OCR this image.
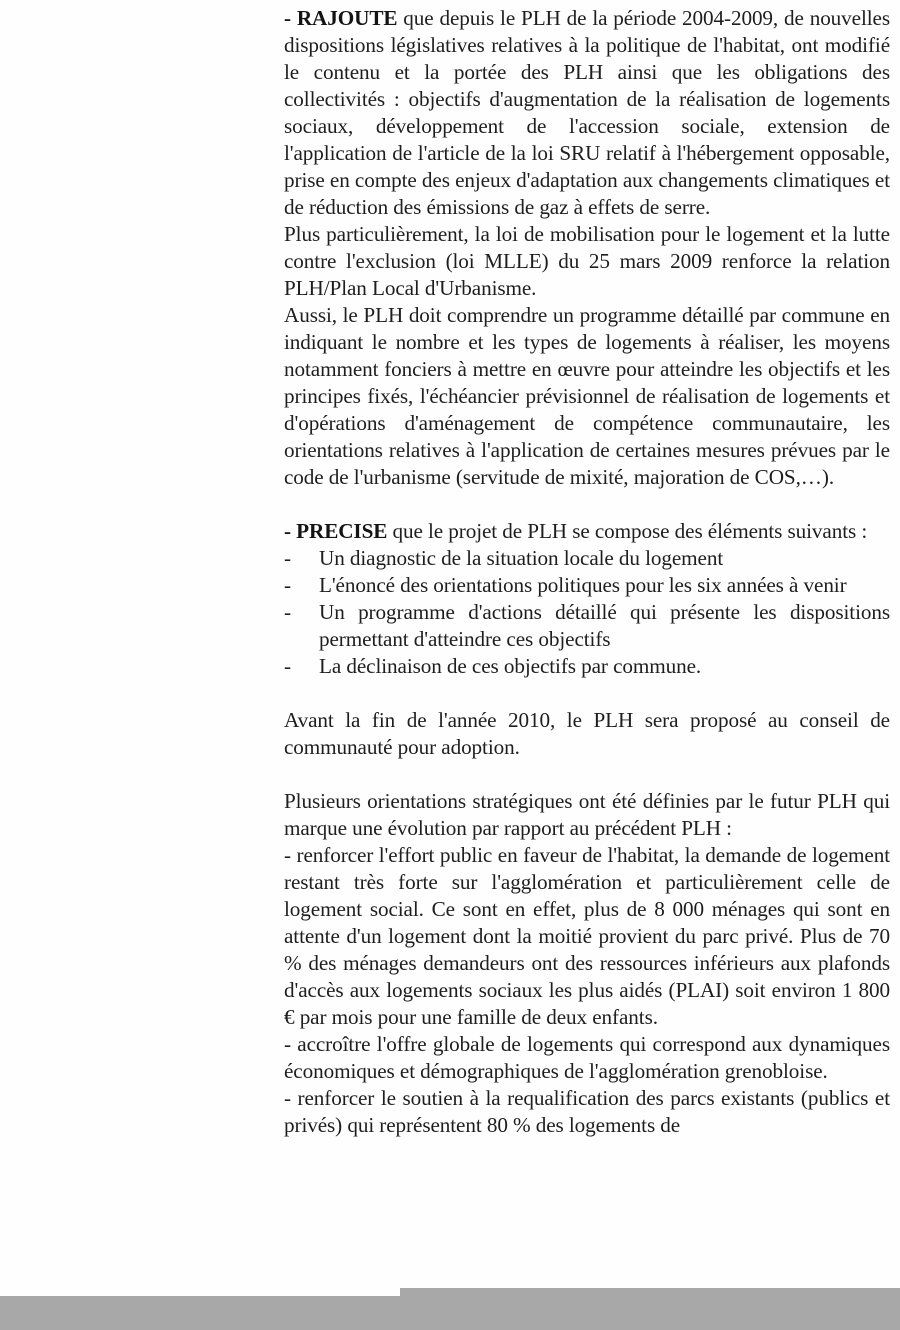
- RAJOUTE que depuis le PLH de la période 2004-2009, de nouvelles dispositions législatives relatives à la politique de l'habitat, ont modifié le contenu et la portée des PLH ainsi que les obligations des collectivités : objectifs d'augmentation de la réalisation de logements sociaux, développement de l'accession sociale, extension de l'application de l'article de la loi SRU relatif à l'hébergement opposable, prise en compte des enjeux d'adaptation aux changements climatiques et de réduction des émissions de gaz à effets de serre.

Plus particulièrement, la loi de mobilisation pour le logement et la lutte contre l'exclusion (loi MLLE) du 25 mars 2009 renforce la relation PLH/Plan Local d'Urbanisme.

Aussi, le PLH doit comprendre un programme détaillé par commune en indiquant le nombre et les types de logements à réaliser, les moyens notamment fonciers à mettre en œuvre pour atteindre les objectifs et les principes fixés, l'échéancier prévisionnel de réalisation de logements et d'opérations d'aménagement de compétence communautaire, les orientations relatives à l'application de certaines mesures prévues par le code de l'urbanisme (servitude de mixité, majoration de COS,…).

- PRECISE que le projet de PLH se compose des éléments suivants :

- Un diagnostic de la situation locale du logement
- L'énoncé des orientations politiques pour les six années à venir
- Un programme d'actions détaillé qui présente les dispositions permettant d'atteindre ces objectifs
- La déclinaison de ces objectifs par commune.

Avant la fin de l'année 2010, le PLH sera proposé au conseil de communauté pour adoption.

Plusieurs orientations stratégiques ont été définies par le futur PLH qui marque une évolution par rapport au précédent PLH :

- renforcer l'effort public en faveur de l'habitat, la demande de logement restant très forte sur l'agglomération et particulièrement celle de logement social. Ce sont en effet, plus de 8 000 ménages qui sont en attente d'un logement dont la moitié provient du parc privé. Plus de 70 % des ménages demandeurs ont des ressources inférieurs aux plafonds d'accès aux logements sociaux les plus aidés (PLAI) soit environ 1 800 € par mois pour une famille de deux enfants.

- accroître l'offre globale de logements qui correspond aux dynamiques économiques et démographiques de l'agglomération grenobloise.

- renforcer le soutien à la requalification des parcs existants (publics et privés) qui représentent 80 % des logements de
